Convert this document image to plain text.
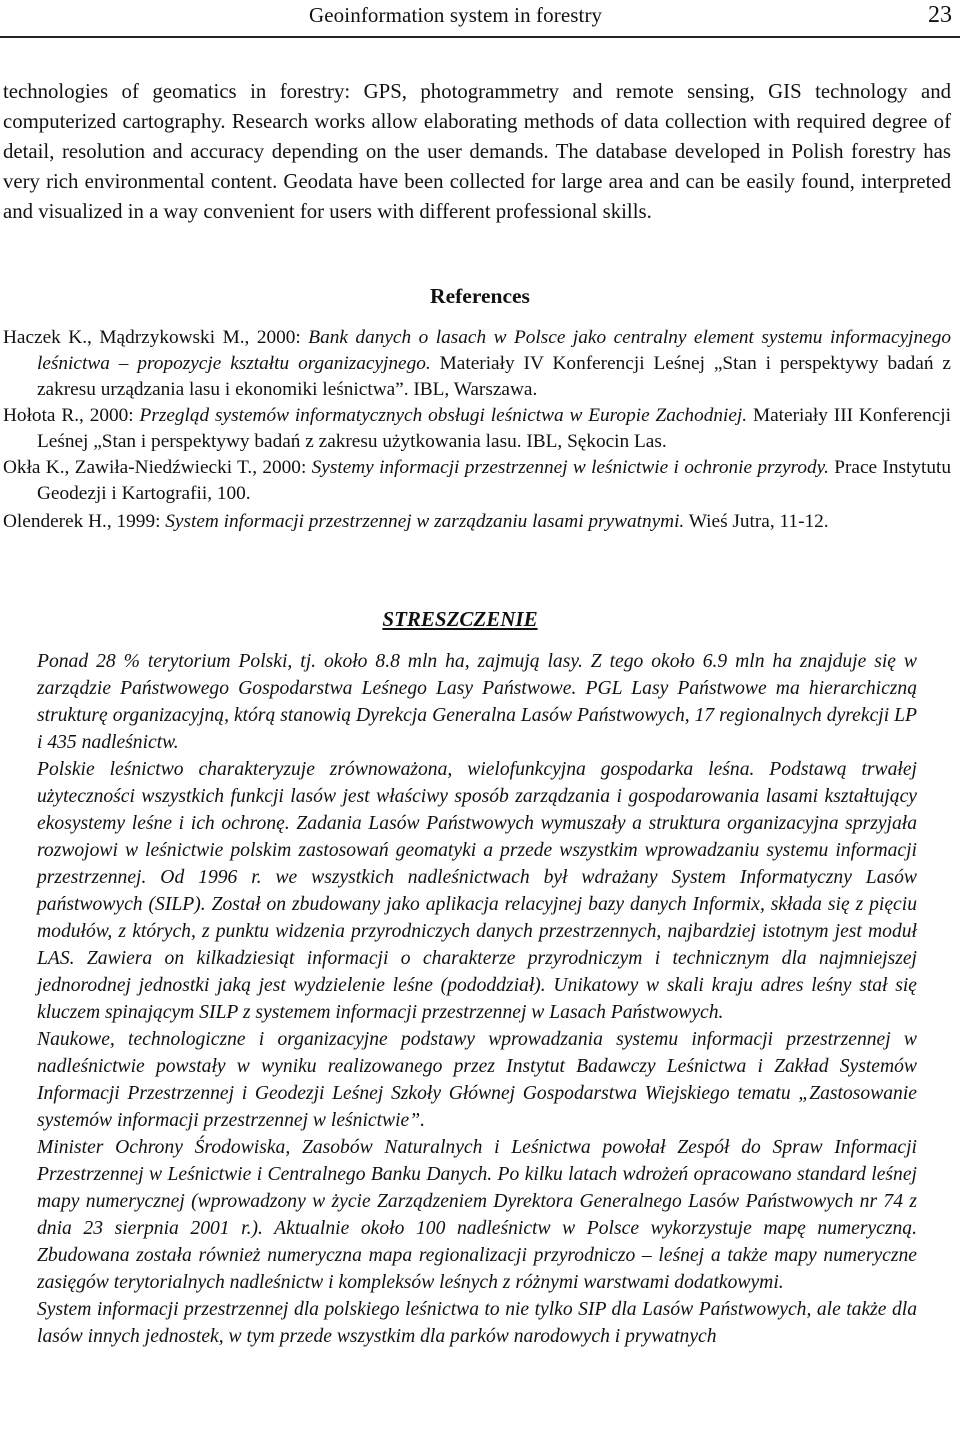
Geoinformation system in forestry	23

technologies of geomatics in forestry: GPS, photogrammetry and remote sensing, GIS technology and computerized cartography. Research works allow elaborating methods of data collection with required degree of detail, resolution and accuracy depending on the user demands. The database developed in Polish forestry has very rich environmental content. Geodata have been collected for large area and can be easily found, interpreted and visualized in a way convenient for users with different professional skills.

References

Haczek K., Mądrzykowski M., 2000: Bank danych o lasach w Polsce jako centralny element systemu informacyjnego leśnictwa – propozycje kształtu organizacyjnego. Materiały IV Konferencji Leśnej „Stan i perspektywy badań z zakresu urządzania lasu i ekonomiki leśnictwa”. IBL, Warszawa.

Hołota R., 2000: Przegląd systemów informatycznych obsługi leśnictwa w Europie Zachodniej. Materiały III Konferencji Leśnej „Stan i perspektywy badań z zakresu użytkowania lasu. IBL, Sękocin Las.

Okła K., Zawiła-Niedźwiecki T., 2000: Systemy informacji przestrzennej w leśnictwie i ochronie przyrody. Prace Instytutu Geodezji i Kartografii, 100.

Olenderek H., 1999: System informacji przestrzennej w zarządzaniu lasami prywatnymi. Wieś Jutra, 11-12.

STRESZCZENIE

Ponad 28 % terytorium Polski, tj. około 8.8 mln ha, zajmują lasy. Z tego około 6.9 mln ha znajduje się w zarządzie Państwowego Gospodarstwa Leśnego Lasy Państwowe. PGL Lasy Państwowe ma hierarchiczną strukturę organizacyjną, którą stanowią Dyrekcja Generalna Lasów Państwowych, 17 regionalnych dyrekcji LP i 435 nadleśnictw.

Polskie leśnictwo charakteryzuje zrównoważona, wielofunkcyjna gospodarka leśna. Podstawą trwałej użyteczności wszystkich funkcji lasów jest właściwy sposób zarządzania i gospodarowania lasami kształtujący ekosystemy leśne i ich ochronę. Zadania Lasów Państwowych wymuszały a struktura organizacyjna sprzyjała rozwojowi w leśnictwie polskim zastosowań geomatyki a przede wszystkim wprowadzaniu systemu informacji przestrzennej. Od 1996 r. we wszystkich nadleśnictwach był wdrażany System Informatyczny Lasów państwowych (SILP). Został on zbudowany jako aplikacja relacyjnej bazy danych Informix, składa się z pięciu modułów, z których, z punktu widzenia przyrodniczych danych przestrzennych, najbardziej istotnym jest moduł LAS. Zawiera on kilkadziesiąt informacji o charakterze przyrodniczym i technicznym dla najmniejszej jednorodnej jednostki jaką jest wydzielenie leśne (pododdział). Unikatowy w skali kraju adres leśny stał się kluczem spinającym SILP z systemem informacji przestrzennej w Lasach Państwowych.

Naukowe, technologiczne i organizacyjne podstawy wprowadzania systemu informacji przestrzennej w nadleśnictwie powstały w wyniku realizowanego przez Instytut Badawczy Leśnictwa i Zakład Systemów Informacji Przestrzennej i Geodezji Leśnej Szkoły Głównej Gospodarstwa Wiejskiego tematu „Zastosowanie systemów informacji przestrzennej w leśnictwie”.

Minister Ochrony Środowiska, Zasobów Naturalnych i Leśnictwa powołał Zespół do Spraw Informacji Przestrzennej w Leśnictwie i Centralnego Banku Danych. Po kilku latach wdrożeń opracowano standard leśnej mapy numerycznej (wprowadzony w życie Zarządzeniem Dyrektora Generalnego Lasów Państwowych nr 74 z dnia 23 sierpnia 2001 r.). Aktualnie około 100 nadleśnictw w Polsce wykorzystuje mapę numeryczną. Zbudowana została również numeryczna mapa regionalizacji przyrodniczo – leśnej a także mapy numeryczne zasięgów terytorialnych nadleśnictw i kompleksów leśnych z różnymi warstwami dodatkowymi.

System informacji przestrzennej dla polskiego leśnictwa to nie tylko SIP dla Lasów Państwowych, ale także dla lasów innych jednostek, w tym przede wszystkim dla parków narodowych i prywatnych
